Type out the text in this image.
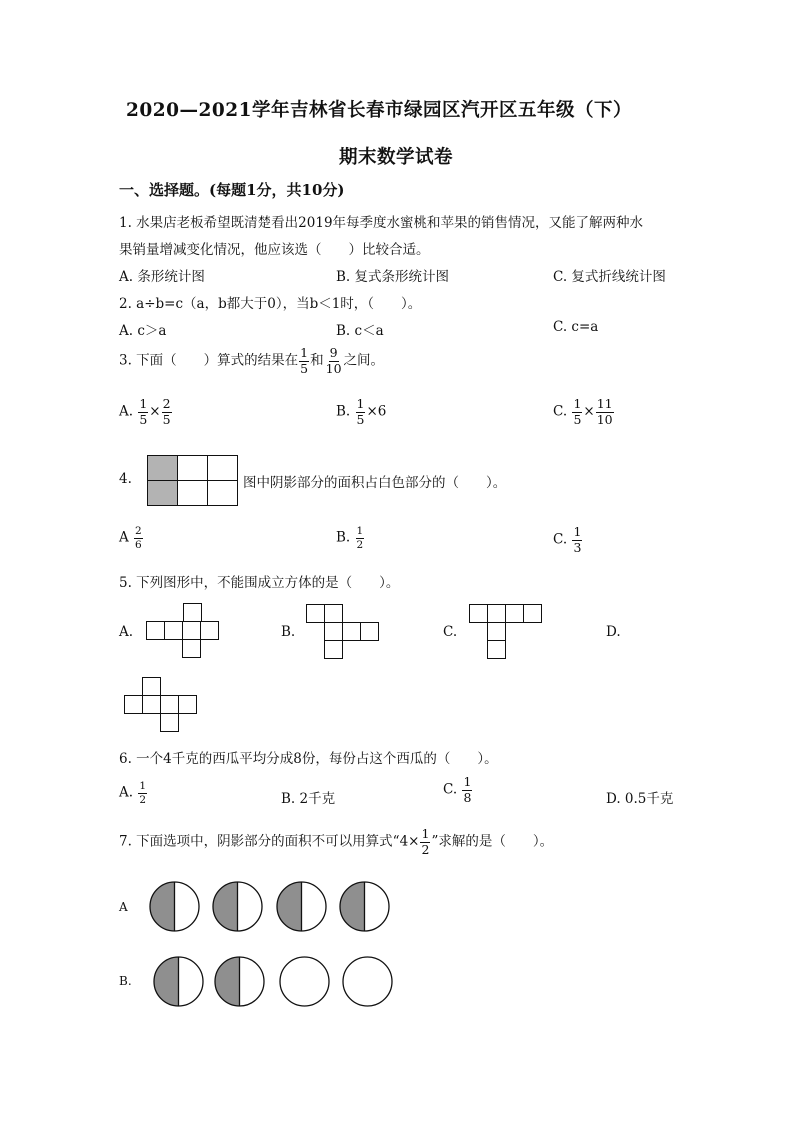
2020—2021学年吉林省长春市绿园区汽开区五年级（下）
期末数学试卷
一、选择题。(每题1分，共10分)
1. 水果店老板希望既清楚看出2019年每季度水蜜桃和苹果的销售情况，又能了解两种水
果销量增减变化情况，他应该选（　　）比较合适。
A. 条形统计图	B. 复式条形统计图	C. 复式折线统计图
2. a÷b=c（a，b都大于0），当b＜1时，（　　）。
A. c＞a	B. c＜a	C. c=a
3. 下面（　　）算式的结果在 $\frac{1}{5}$ 和 $\frac{9}{10}$ 之间。
A. $\frac{1}{5} \times \frac{2}{5}$	B. $\frac{1}{5} \times 6$	C. $\frac{1}{5} \times \frac{11}{10}$
4.	图中阴影部分的面积占白色部分的（　　）。
A $\frac{2}{6}$	B. $\frac{1}{2}$	C. $\frac{1}{3}$
5. 下列图形中，不能围成立方体的是（　　）。
A.	B.	C.	D.
6. 一个4千克的西瓜平均分成8份，每份占这个西瓜的（　　）。
A. $\frac{1}{2}$	B. 2千克
C. $\frac{1}{8}$	D. 0.5千克
7. 下面选项中，阴影部分的面积不可以用算式“$4\times \frac{1}{2}$ ”求解的是（　　）。
A
B.
